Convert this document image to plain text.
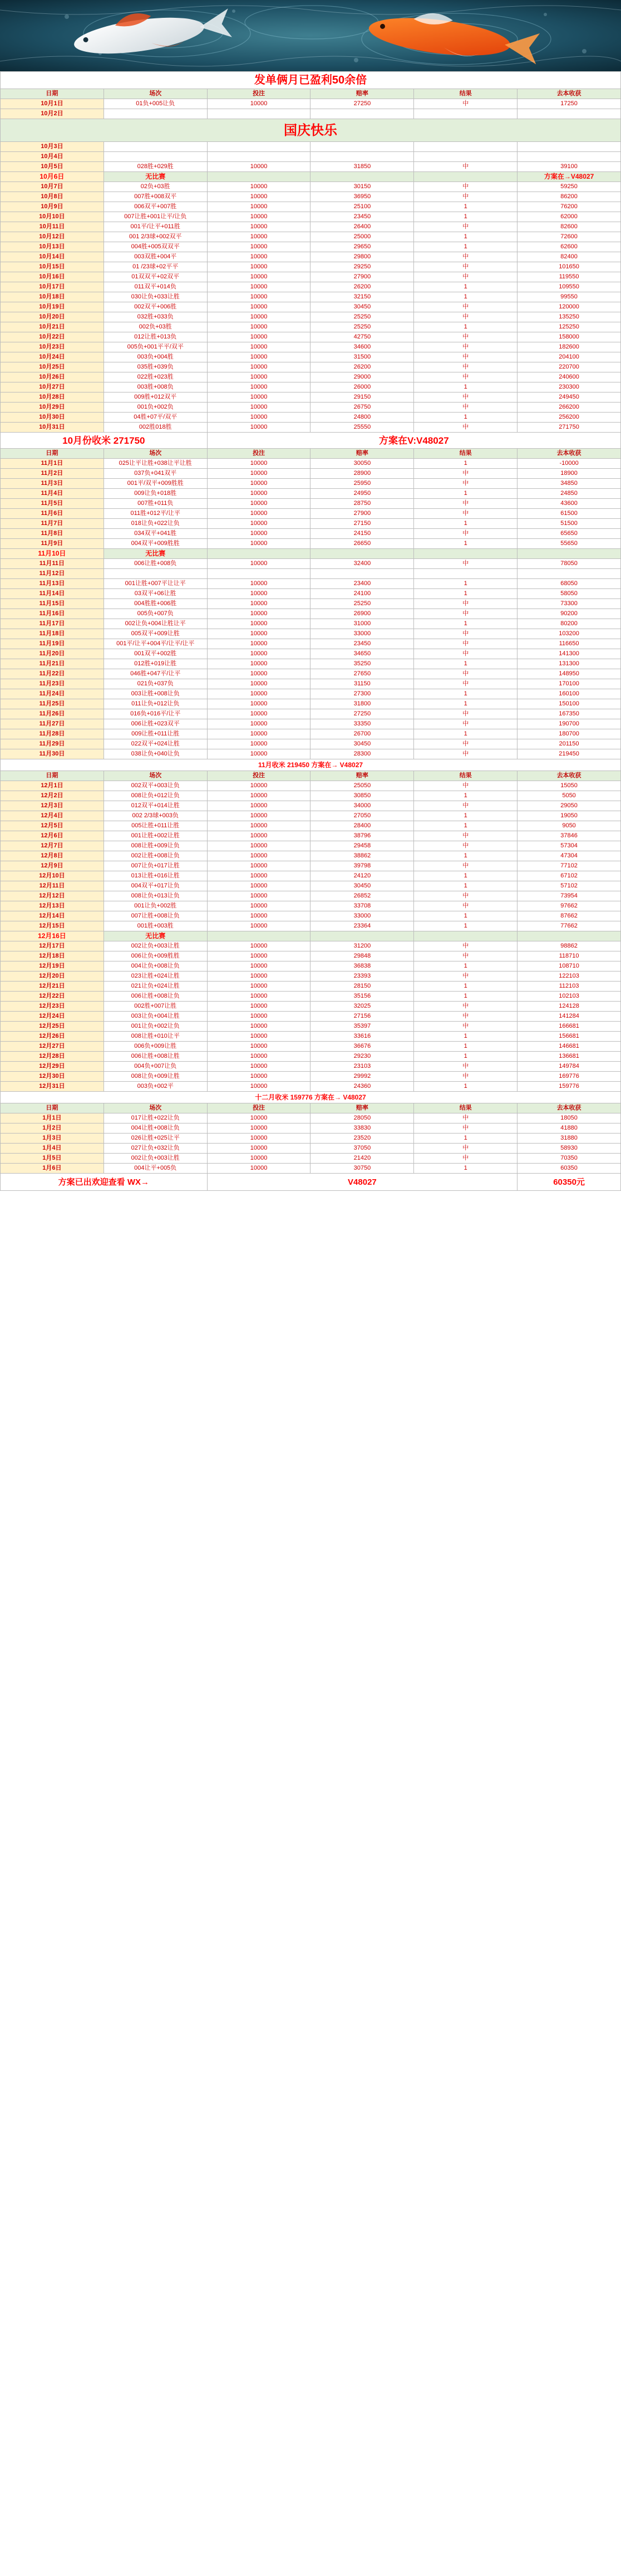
发单俩月已盈利50余倍					
日期	场次	投注	赔率	结果	去本收获
10月1日	01负+005让负	10000	27250	中	17250
10月2日					
国庆快乐					
10月3日					
10月4日					
10月5日	028胜+029胜	10000	31850	中	39100
10月6日	无比赛				方案在→V48027
10月7日	02负+03胜	10000	30150	中	59250
10月8日	007胜+008双平	10000	36950	中	86200
10月9日	006双平+007胜	10000	25100	1	76200
10月10日	007让胜+001让平/让负	10000	23450	1	62000
10月11日	001平/让平+011胜	10000	26400	中	82600
10月12日	001 2/3球+002双平	10000	25000	1	72600
10月13日	004胜+005双双平	10000	29650	1	62600
10月14日	003双胜+004平	10000	29800	中	82400
10月15日	01 /23球+02平平	10000	29250	中	101650
10月16日	01双双平+02双平	10000	27900	中	119550
10月17日	011双平+014负	10000	26200	1	109550
10月18日	030让负+033让胜	10000	32150	1	99550
10月19日	002双平+006胜	10000	30450	中	120000
10月20日	032胜+033负	10000	25250	中	135250
10月21日	002负+03胜	10000	25250	1	125250
10月22日	012让胜+013负	10000	42750	中	158000
10月23日	005负+001平平/双平	10000	34600	中	182600
10月24日	003负+004胜	10000	31500	中	204100
10月25日	035胜+039负	10000	26200	中	220700
10月26日	022胜+023胜	10000	29000	中	240600
10月27日	003胜+008负	10000	26000	1	230300
10月28日	009胜+012双平	10000	29150	中	249450
10月29日	001负+002负	10000	26750	中	266200
10月30日	04胜+07平/双平	10000	24800	1	256200
10月31日	002胜018胜	10000	25550	中	271750
10月份收米 271750		方案在V:V48027			
日期	场次	投注	赔率	结果	去本收获
11月1日	025让平让胜+038让平让胜	10000	30050	1	-10000
11月2日	037负+041双平	10000	28900	中	18900
11月3日	001平/双平+009胜胜	10000	25950	中	34850
11月4日	009让负+018胜	10000	24950	1	24850
11月5日	007胜+011负	10000	28750	中	43600
11月6日	011胜+012平/让平	10000	27900	中	61500
11月7日	018让负+022让负	10000	27150	1	51500
11月8日	034双平+041胜	10000	24150	中	65650
11月9日	004双平+009胜胜	10000	26650	1	55650
11月10日	无比赛				
11月11日	006让胜+008负	10000	32400	中	78050
11月12日					
11月13日	001让胜+007平让让平	10000	23400	1	68050
11月14日	03双平+06让胜	10000	24100	1	58050
11月15日	004胜胜+006胜	10000	25250	中	73300
11月16日	005负+007负	10000	26900	中	90200
11月17日	002让负+004让胜让平	10000	31000	1	80200
11月18日	005双平+009让胜	10000	33000	中	103200
11月19日	001平/让平+004平/让平/让平	10000	23450	中	116650
11月20日	001双平+002胜	10000	34650	中	141300
11月21日	012胜+019让胜	10000	35250	1	131300
11月22日	046胜+047平/让平	10000	27650	中	148950
11月23日	021负+037负	10000	31150	中	170100
11月24日	003让胜+008让负	10000	27300	1	160100
11月25日	011让负+012让负	10000	31800	1	150100
11月26日	016负+016平/让平	10000	27250	中	167350
11月27日	006让胜+023双平	10000	33350	中	190700
11月28日	009让胜+011让胜	10000	26700	1	180700
11月29日	022双平+024让胜	10000	30450	中	201150
11月30日	038让负+040让负	10000	28300	中	219450
11月收米 219450 方案在→ V48027					
日期	场次	投注	赔率	结果	去本收获
12月1日	002双平+003让负	10000	25050	中	15050
12月2日	008让负+012让负	10000	30850	1	5050
12月3日	012双平+014让胜	10000	34000	中	29050
12月4日	002 2/3球+003负	10000	27050	1	19050
12月5日	005让胜+011让胜	10000	28400	1	9050
12月6日	001让胜+002让胜	10000	38796	中	37846
12月7日	008让胜+009让负	10000	29458	中	57304
12月8日	002让胜+008让负	10000	38862	1	47304
12月9日	007让负+017让胜	10000	39798	中	77102
12月10日	013让胜+016让胜	10000	24120	1	67102
12月11日	004双平+017让负	10000	30450	1	57102
12月12日	008让负+013让负	10000	26852	中	73954
12月13日	001让负+002胜	10000	33708	中	97662
12月14日	007让胜+008让负	10000	33000	1	87662
12月15日	001胜+003胜	10000	23364	1	77662
12月16日	无比赛				
12月17日	002让负+003让胜	10000	31200	中	98862
12月18日	006让负+009胜胜	10000	29848	中	118710
12月19日	004让负+008让负	10000	36838	1	108710
12月20日	023让胜+024让胜	10000	23393	中	122103
12月21日	021让负+024让胜	10000	28150	1	112103
12月22日	006让胜+008让负	10000	35156	1	102103
12月23日	002胜+007让胜	10000	32025	中	124128
12月24日	003让负+004让胜	10000	27156	中	141284
12月25日	001让负+002让负	10000	35397	中	166681
12月26日	008让胜+010让平	10000	33616	1	156681
12月27日	006负+009让胜	10000	36676	1	146681
12月28日	006让胜+008让胜	10000	29230	1	136681
12月29日	004负+007让负	10000	23103	中	149784
12月30日	008让负+009让胜	10000	29992	中	169776
12月31日	003负+002平	10000	24360	1	159776
十二月收米 159776 方案在→ V48027					
日期	场次	投注	赔率	结果	去本收获
1月1日	017让胜+022让负	10000	28050	中	18050
1月2日	004让胜+008让负	10000	33830	中	41880
1月3日	026让胜+025让平	10000	23520	1	31880
1月4日	027让负+032让负	10000	37050	中	58930
1月5日	002让负+003让胜	10000	21420	中	70350
1月6日	004让平+005负	10000	30750	1	60350
方案已出欢迎查看 WX→		V48027			60350元
